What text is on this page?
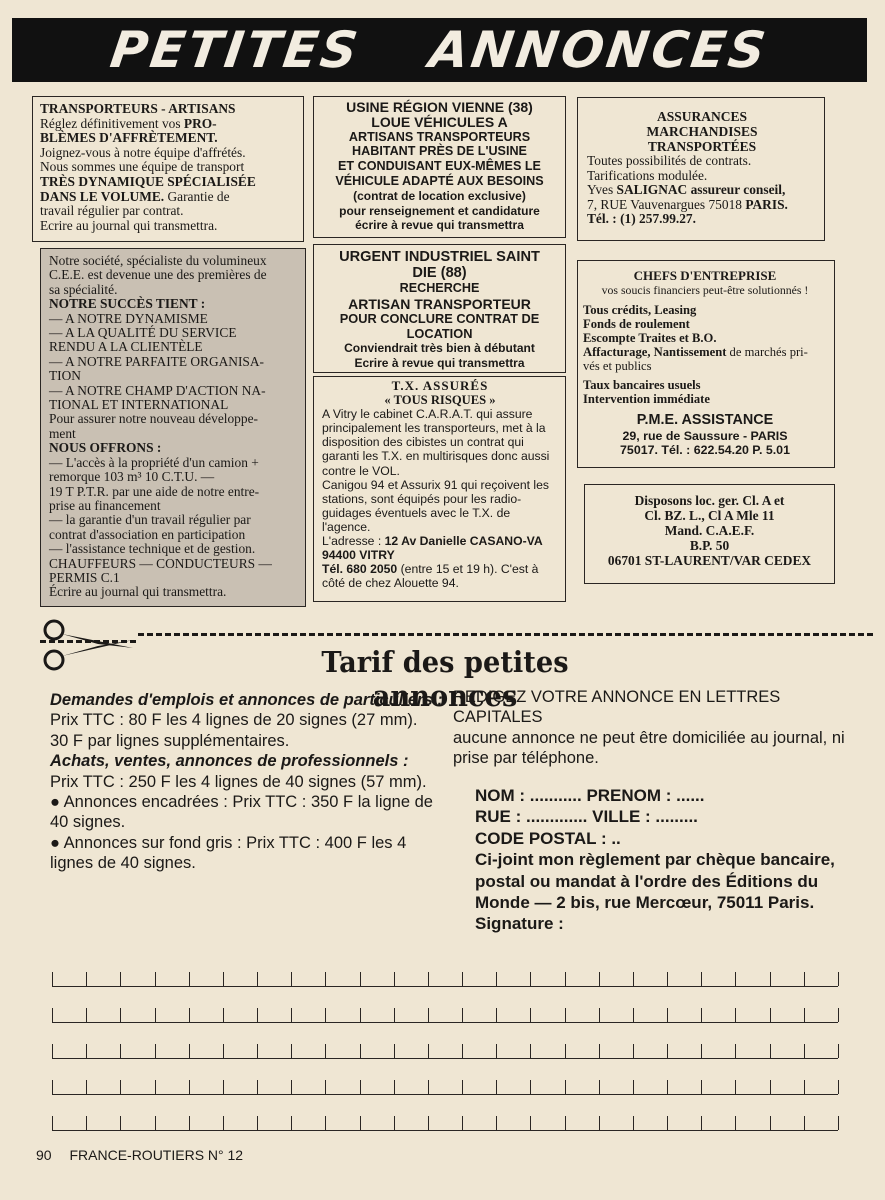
PETITES ANNONCES

TRANSPORTEURS - ARTISANS

Réglez définitivement vos PRO-

BLÈMES D'AFFRÈTEMENT.

Joignez-vous à notre équipe d'affrétés.

Nous sommes une équipe de transport

TRÈS DYNAMIQUE SPÉCIALISÉE

DANS LE VOLUME. Garantie de

travail régulier par contrat.

Ecrire au journal qui transmettra.

USINE RÉGION VIENNE (38)

LOUE VÉHICULES A

ARTISANS TRANSPORTEURS

HABITANT PRÈS DE L'USINE

ET CONDUISANT EUX-MÊMES LE

VÉHICULE ADAPTÉ AUX BESOINS

(contrat de location exclusive)

pour renseignement et candidature

écrire à revue qui transmettra

ASSURANCES

MARCHANDISES

TRANSPORTÉES

Toutes possibilités de contrats.

Tarifications modulée.

Yves SALIGNAC assureur conseil,

7, RUE Vauvenargues 75018 PARIS.

Tél. : (1) 257.99.27.

Notre société, spécialiste du volumineux

C.E.E. est devenue une des premières de

sa spécialité.

NOTRE SUCCÈS TIENT :

— A NOTRE DYNAMISME

— A LA QUALITÉ DU SERVICE

RENDU A LA CLIENTÈLE

— A NOTRE PARFAITE ORGANISA-

TION

— A NOTRE CHAMP D'ACTION NA-

TIONAL ET INTERNATIONAL

Pour assurer notre nouveau développe-

ment

NOUS OFFRONS :

— L'accès à la propriété d'un camion +

remorque 103 m³ 10 C.T.U. —

19 T P.T.R. par une aide de notre entre-

prise au financement

— la garantie d'un travail régulier par

contrat d'association en participation

— l'assistance technique et de gestion.

CHAUFFEURS — CONDUCTEURS —

PERMIS C.1

Écrire au journal qui transmettra.

URGENT INDUSTRIEL SAINT

DIE (88)

RECHERCHE

ARTISAN TRANSPORTEUR

POUR CONCLURE CONTRAT DE

LOCATION

Conviendrait très bien à débutant

Ecrire à revue qui transmettra

T.X. ASSURÉS

« TOUS RISQUES »

A Vitry le cabinet C.A.R.A.T. qui assure principalement les transporteurs, met à la disposition des cibistes un contrat qui garanti les T.X. en multirisques donc aussi contre le VOL.

Canigou 94 et Assurix 91 qui reçoivent les stations, sont équipés pour les radio-guidages éventuels avec le T.X. de l'agence.

L'adresse : 12 Av Danielle CASANO-VA 94400 VITRY

Tél. 680 2050 (entre 15 et 19 h). C'est à côté de chez Alouette 94.

CHEFS D'ENTREPRISE

vos soucis financiers peut-être solutionnés !

Tous crédits, Leasing

Fonds de roulement

Escompte Traites et B.O.

Affacturage, Nantissement de marchés pri-

vés et publics

Taux bancaires usuels

Intervention immédiate

P.M.E. ASSISTANCE

29, rue de Saussure - PARIS

75017. Tél. : 622.54.20 P. 5.01

Disposons loc. ger. Cl. A et

Cl. BZ. L., Cl A Mle 11

Mand. C.A.E.F.

B.P. 50

06701 ST-LAURENT/VAR CEDEX

Tarif des petites annonces

Demandes d'emplois et annonces de particuliers :

Prix TTC : 80 F les 4 lignes de 20 signes (27 mm).

30 F par lignes supplémentaires.

Achats, ventes, annonces de professionnels :

Prix TTC : 250 F les 4 lignes de 40 signes (57 mm).

● Annonces encadrées : Prix TTC : 350 F la ligne de 40 signes.

● Annonces sur fond gris : Prix TTC : 400 F les 4 lignes de 40 signes.

REDIGEZ VOTRE ANNONCE EN LETTRES CAPITALES

aucune annonce ne peut être domiciliée au journal, ni prise par téléphone.

NOM : ........... PRENOM : ......

RUE : ............. VILLE : .........

CODE POSTAL : ..

Ci-joint mon règlement par chèque bancaire, postal ou mandat à l'ordre des Éditions du Monde — 2 bis, rue Mercœur, 75011 Paris.

Signature :

90 FRANCE-ROUTIERS N° 12
